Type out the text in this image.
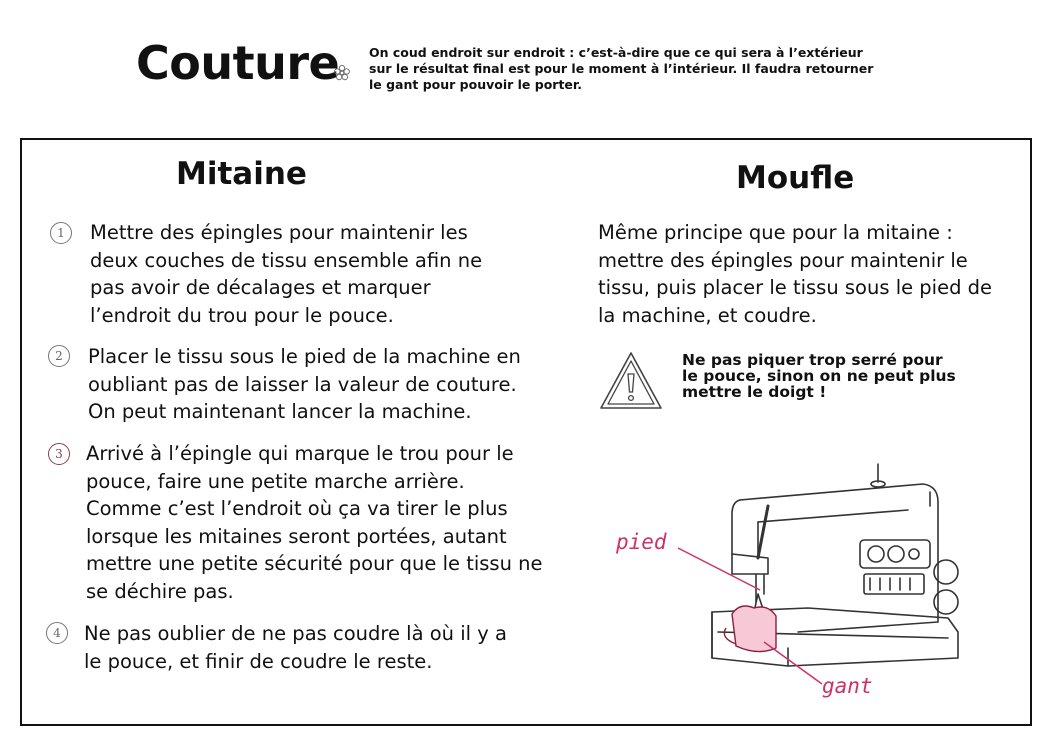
Couture On coud endroit sur endroit : c’est-à-dire que ce qui sera à l’extérieur
sur le résultat final est pour le moment à l’intérieur. Il faudra retourner
le gant pour pouvoir le porter.
Mitaine
1	Mettre des épingles pour maintenir les
deux couches de tissu ensemble afin ne
pas avoir de décalages et marquer
l’endroit du trou pour le pouce.
2	Placer le tissu sous le pied de la machine en
oubliant pas de laisser la valeur de couture.
On peut maintenant lancer la machine.
3	Arrivé à l’épingle qui marque le trou pour le
pouce, faire une petite marche arrière.
Comme c’est l’endroit où ça va tirer le plus
lorsque les mitaines seront portées, autant
mettre une petite sécurité pour que le tissu ne
se déchire pas.
4	Ne pas oublier de ne pas coudre là où il y a
le pouce, et finir de coudre le reste.
Moufle
Même principe que pour la mitaine :
mettre des épingles pour maintenir le
tissu, puis placer le tissu sous le pied de
la machine, et coudre.
Ne pas piquer trop serré pour
le pouce, sinon on ne peut plus
mettre le doigt !
pied
gant
